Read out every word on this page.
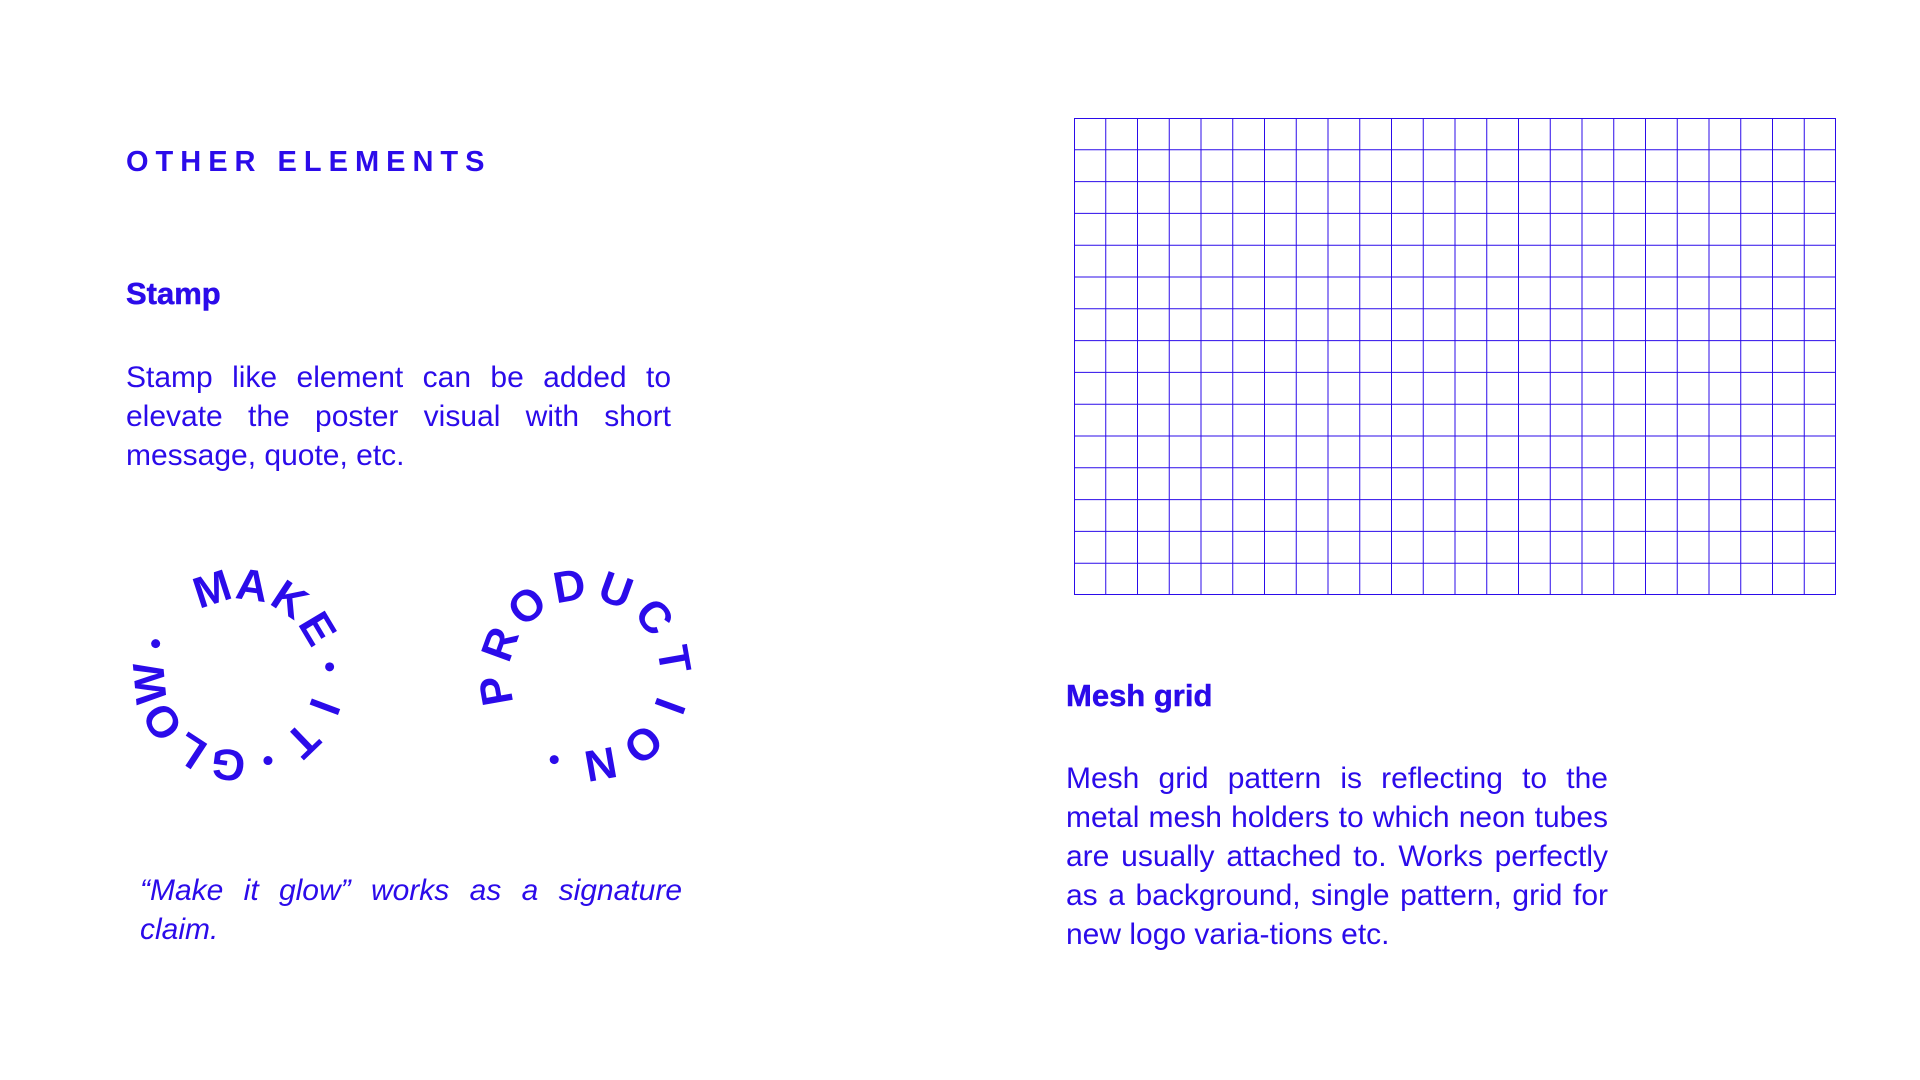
OTHER ELEMENTS
Stamp

Stamp like element can be added to elevate the poster visual with short message, quote, etc.

M
A
K
E
I
T
G
L
O
W	P
R
O
D U
C
T
I
O
N

“Make it glow” works as a signature claim.

Mesh grid

Mesh grid pattern is reflecting to the metal mesh holders to which neon tubes are usually attached to. Works perfectly as a background, single pattern, grid for new logo varia-tions etc.
